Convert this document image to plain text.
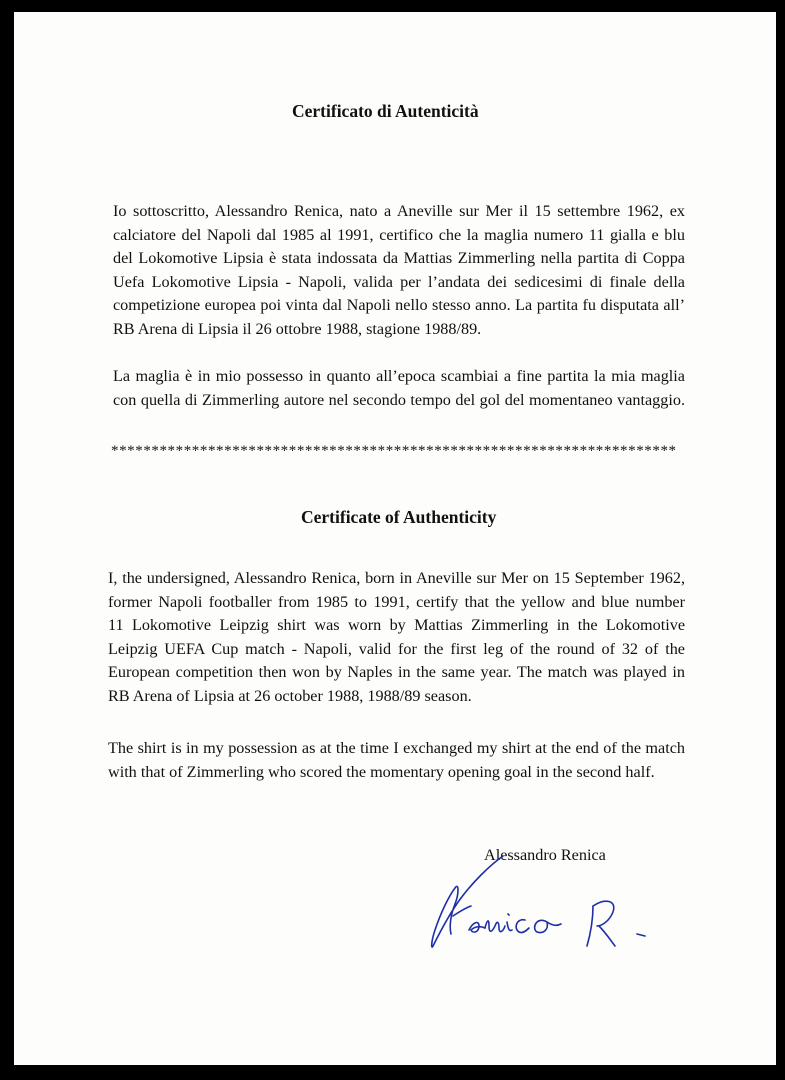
Certificato di Autenticità
Io sottoscritto, Alessandro Renica, nato a Aneville sur Mer il 15 settembre 1962, ex
calciatore del Napoli dal 1985 al 1991, certifico che la maglia numero 11 gialla e blu
del Lokomotive Lipsia è stata indossata da Mattias Zimmerling nella partita di Coppa
Uefa Lokomotive Lipsia - Napoli, valida per l’andata dei sedicesimi di finale della
competizione europea poi vinta dal Napoli nello stesso anno. La partita fu disputata all’
RB Arena di Lipsia il 26 ottobre 1988, stagione 1988/89.
La maglia è in mio possesso in quanto all’epoca scambiai a fine partita la mia maglia
con quella di Zimmerling autore nel secondo tempo del gol del momentaneo vantaggio.

**********************************************************************

Certificate of Authenticity
I, the undersigned, Alessandro Renica, born in Aneville sur Mer on 15 September 1962,
former Napoli footballer from 1985 to 1991, certify that the yellow and blue number
11 Lokomotive Leipzig shirt was worn by Mattias Zimmerling in the Lokomotive
Leipzig UEFA Cup match - Napoli, valid for the first leg of the round of 32 of the
European competition then won by Naples in the same year. The match was played in
RB Arena of Lipsia at 26 october 1988, 1988/89 season.
The shirt is in my possession as at the time I exchanged my shirt at the end of the match
with that of Zimmerling who scored the momentary opening goal in the second half.

Alessandro Renica
